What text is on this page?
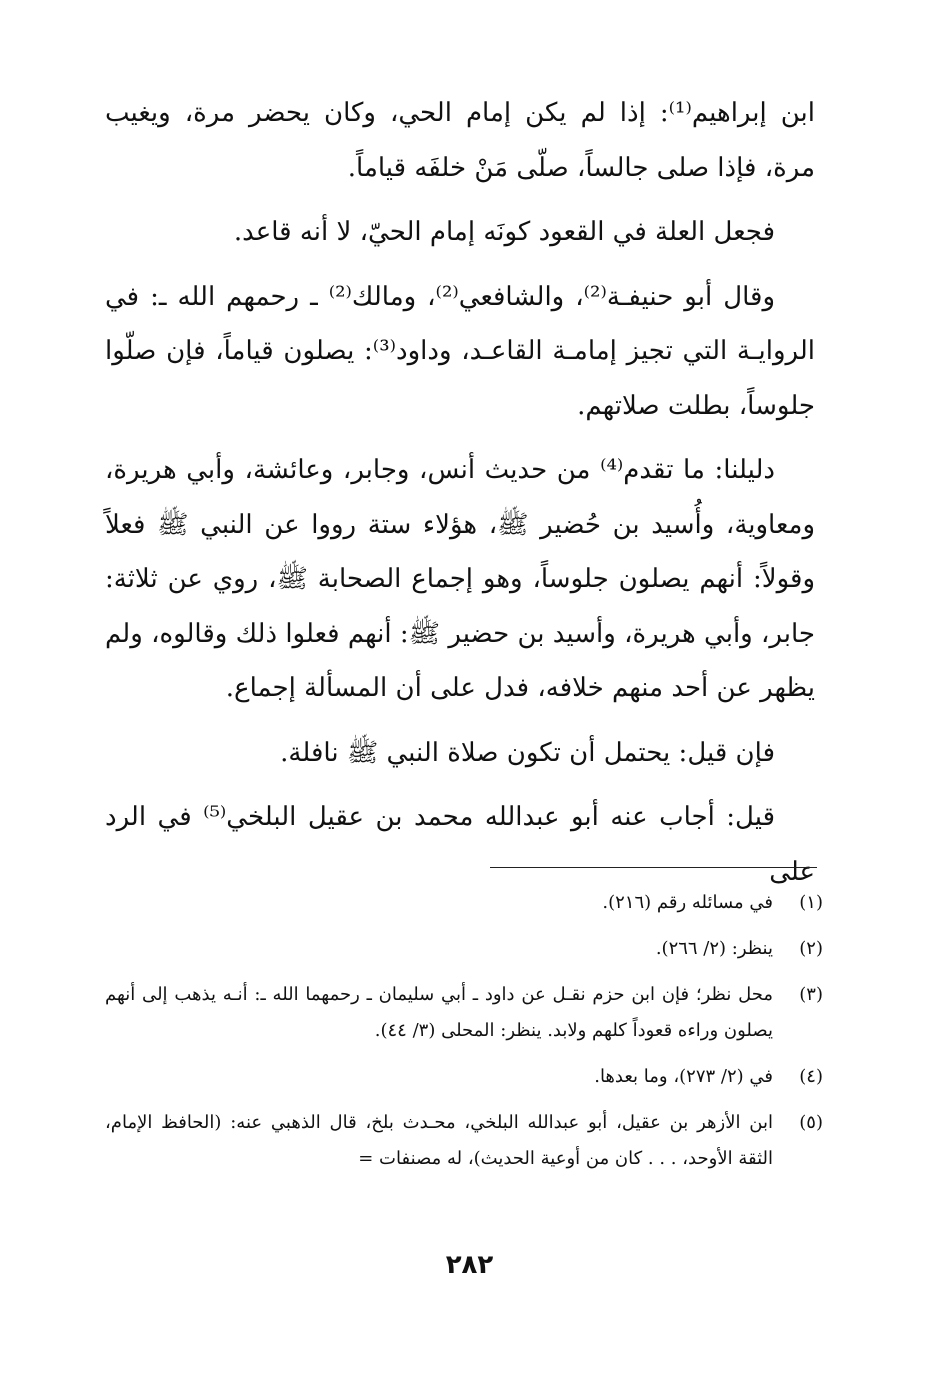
ابن إبراهيم⁽¹⁾: إذا لم يكن إمام الحي، وكان يحضر مرة، ويغيب مرة، فإذا صلى جالساً، صلّى مَنْ خلفَه قياماً.

فجعل العلة في القعود كونَه إمام الحيّ، لا أنه قاعد.

وقال أبو حنيفـة⁽²⁾، والشافعي⁽²⁾، ومالك⁽²⁾ ـ رحمهم الله ـ: في الروايـة التي تجيز إمامـة القاعـد، وداود⁽³⁾: يصلون قياماً، فإن صلّوا جلوساً، بطلت صلاتهم.

دليلنا: ما تقدم⁽⁴⁾ من حديث أنس، وجابر، وعائشة، وأبي هريرة، ومعاوية، وأُسيد بن حُضير ﷺ، هؤلاء ستة رووا عن النبي ﷺ فعلاً وقولاً: أنهم يصلون جلوساً، وهو إجماع الصحابة ﷺ، روي عن ثلاثة: جابر، وأبي هريرة، وأسيد بن حضير ﷺ: أنهم فعلوا ذلك وقالوه، ولم يظهر عن أحد منهم خلافه، فدل على أن المسألة إجماع.

فإن قيل: يحتمل أن تكون صلاة النبي ﷺ نافلة.

قيل: أجاب عنه أبو عبدالله محمد بن عقيل البلخي⁽⁵⁾ في الرد على

(١)
في مسائله رقم (٢١٦).
(٢)
ينظر: (٢/ ٢٦٦).
(٣)
محل نظر؛ فإن ابن حزم نقـل عن داود ـ أبي سليمان ـ رحمهما الله ـ: أنـه يذهب إلى أنهم يصلون وراءه قعوداً كلهم ولابد. ينظر: المحلى (٣/ ٤٤).
(٤)
في (٢/ ٢٧٣)، وما بعدها.
(٥)
ابن الأزهر بن عقيل، أبو عبدالله البلخي، محـدث بلخ، قال الذهبي عنه: (الحافظ الإمام، الثقة الأوحد، . . . كان من أوعية الحديث)، له مصنفات =
٢٨٢
